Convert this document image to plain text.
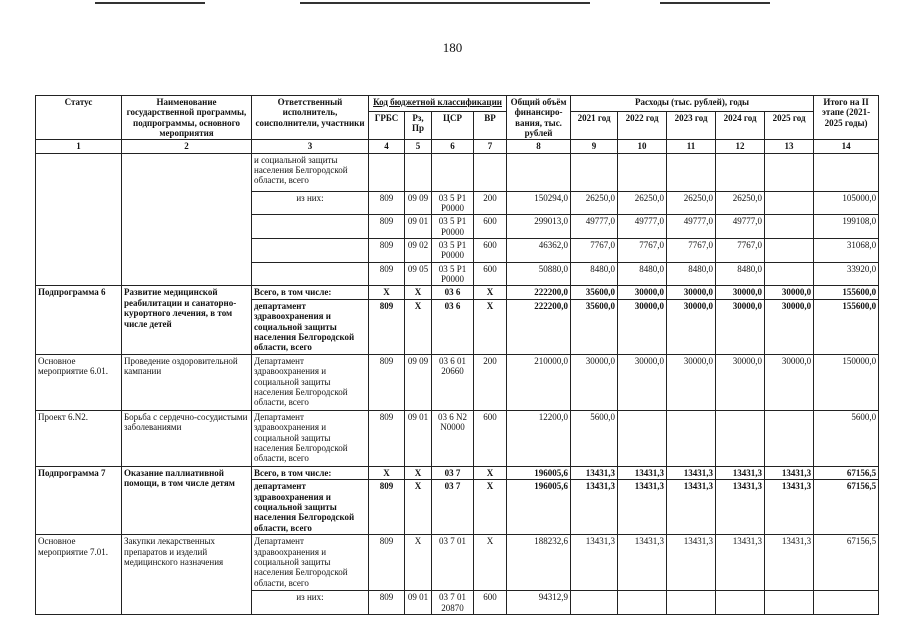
180
Статус	Наименование государственной программы, подпрограммы, основного мероприятия	Ответственный исполнитель, соисполнители, участники	Код бюджетной классификации				Общий объём финансиро-вания, тыс. рублей	Расходы (тыс. рублей), годы					Итого на II этапе (2021-2025 годы)
			ГРБС	Рз, Пр	ЦСР	ВР		2021 год	2022 год	2023 год	2024 год	2025 год	
1	2	3	4	5	6	7	8	9	10	11	12	13	14
		и социальной защиты населения Белгородской области, всего											
		из них:	809	09 09	03 5 P1 P0000	200	150294,0	26250,0	26250,0	26250,0	26250,0		105000,0
			809	09 01	03 5 P1 P0000	600	299013,0	49777,0	49777,0	49777,0	49777,0		199108,0
			809	09 02	03 5 P1 P0000	600	46362,0	7767,0	7767,0	7767,0	7767,0		31068,0
			809	09 05	03 5 P1 P0000	600	50880,0	8480,0	8480,0	8480,0	8480,0		33920,0
Подпрограмма 6	Развитие медицинской реабилитации и санаторно-курортного лечения, в том числе детей	Всего, в том числе:	Х	Х	03 6	Х	222200,0	35600,0	30000,0	30000,0	30000,0	30000,0	155600,0
		департамент здравоохранения и социальной защиты населения Белгородской области, всего	809	Х	03 6	Х	222200,0	35600,0	30000,0	30000,0	30000,0	30000,0	155600,0
Основное мероприятие 6.01.	Проведение оздоровительной кампании	Департамент здравоохранения и социальной защиты населения Белгородской области, всего	809	09 09	03 6 01 20660	200	210000,0	30000,0	30000,0	30000,0	30000,0	30000,0	150000,0
Проект 6.N2.	Борьба с сердечно-сосудистыми заболеваниями	Департамент здравоохранения и социальной защиты населения Белгородской области, всего	809	09 01	03 6 N2 N0000	600	12200,0	5600,0					5600,0
Подпрограмма 7	Оказание паллиативной помощи, в том числе детям	Всего, в том числе:	Х	Х	03 7	Х	196005,6	13431,3	13431,3	13431,3	13431,3	13431,3	67156,5
		департамент здравоохранения и социальной защиты населения Белгородской области, всего	809	Х	03 7	Х	196005,6	13431,3	13431,3	13431,3	13431,3	13431,3	67156,5
Основное мероприятие 7.01.	Закупки лекарственных препаратов и изделий медицинского назначения	Департамент здравоохранения и социальной защиты населения Белгородской области, всего	809	Х	03 7 01	Х	188232,6	13431,3	13431,3	13431,3	13431,3	13431,3	67156,5
		из них:	809	09 01	03 7 01 20870	600	94312,9						
